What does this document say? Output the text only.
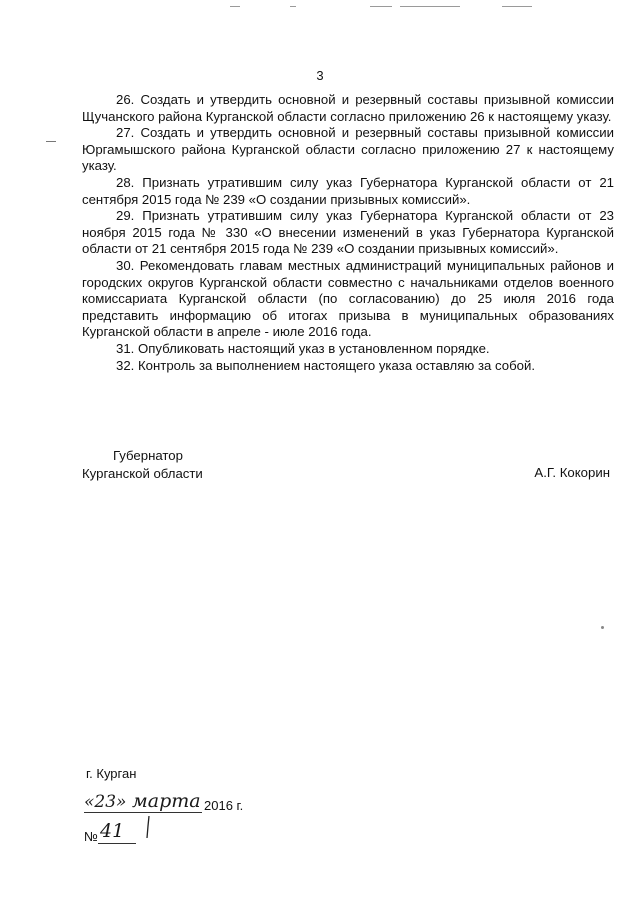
3

26. Создать и утвердить основной и резервный составы призывной комиссии Щучанского района Курганской области согласно приложению 26 к настоящему указу.

27. Создать и утвердить основной и резервный составы призывной комиссии Юргамышского района Курганской области согласно приложению 27 к настоящему указу.

28. Признать утратившим силу указ Губернатора Курганской области от 21 сентября 2015 года № 239 «О создании призывных комиссий».

29. Признать утратившим силу указ Губернатора Курганской области от 23 ноября 2015 года № 330 «О внесении изменений в указ Губернатора Курганской области от 21 сентября 2015 года № 239 «О создании призывных комиссий».

30. Рекомендовать главам местных администраций муниципальных районов и городских округов Курганской области совместно с начальниками отделов военного комиссариата Курганской области (по согласованию) до 25 июля 2016 года представить информацию об итогах призыва в муниципальных образованиях Курганской области в апреле - июле 2016 года.

31. Опубликовать настоящий указ в установленном порядке.

32. Контроль за выполнением настоящего указа оставляю за собой.

Губернатор
Курганской области	А.Г. Кокорин
г. Курган
«23» марта 2016 г.
№ 41
